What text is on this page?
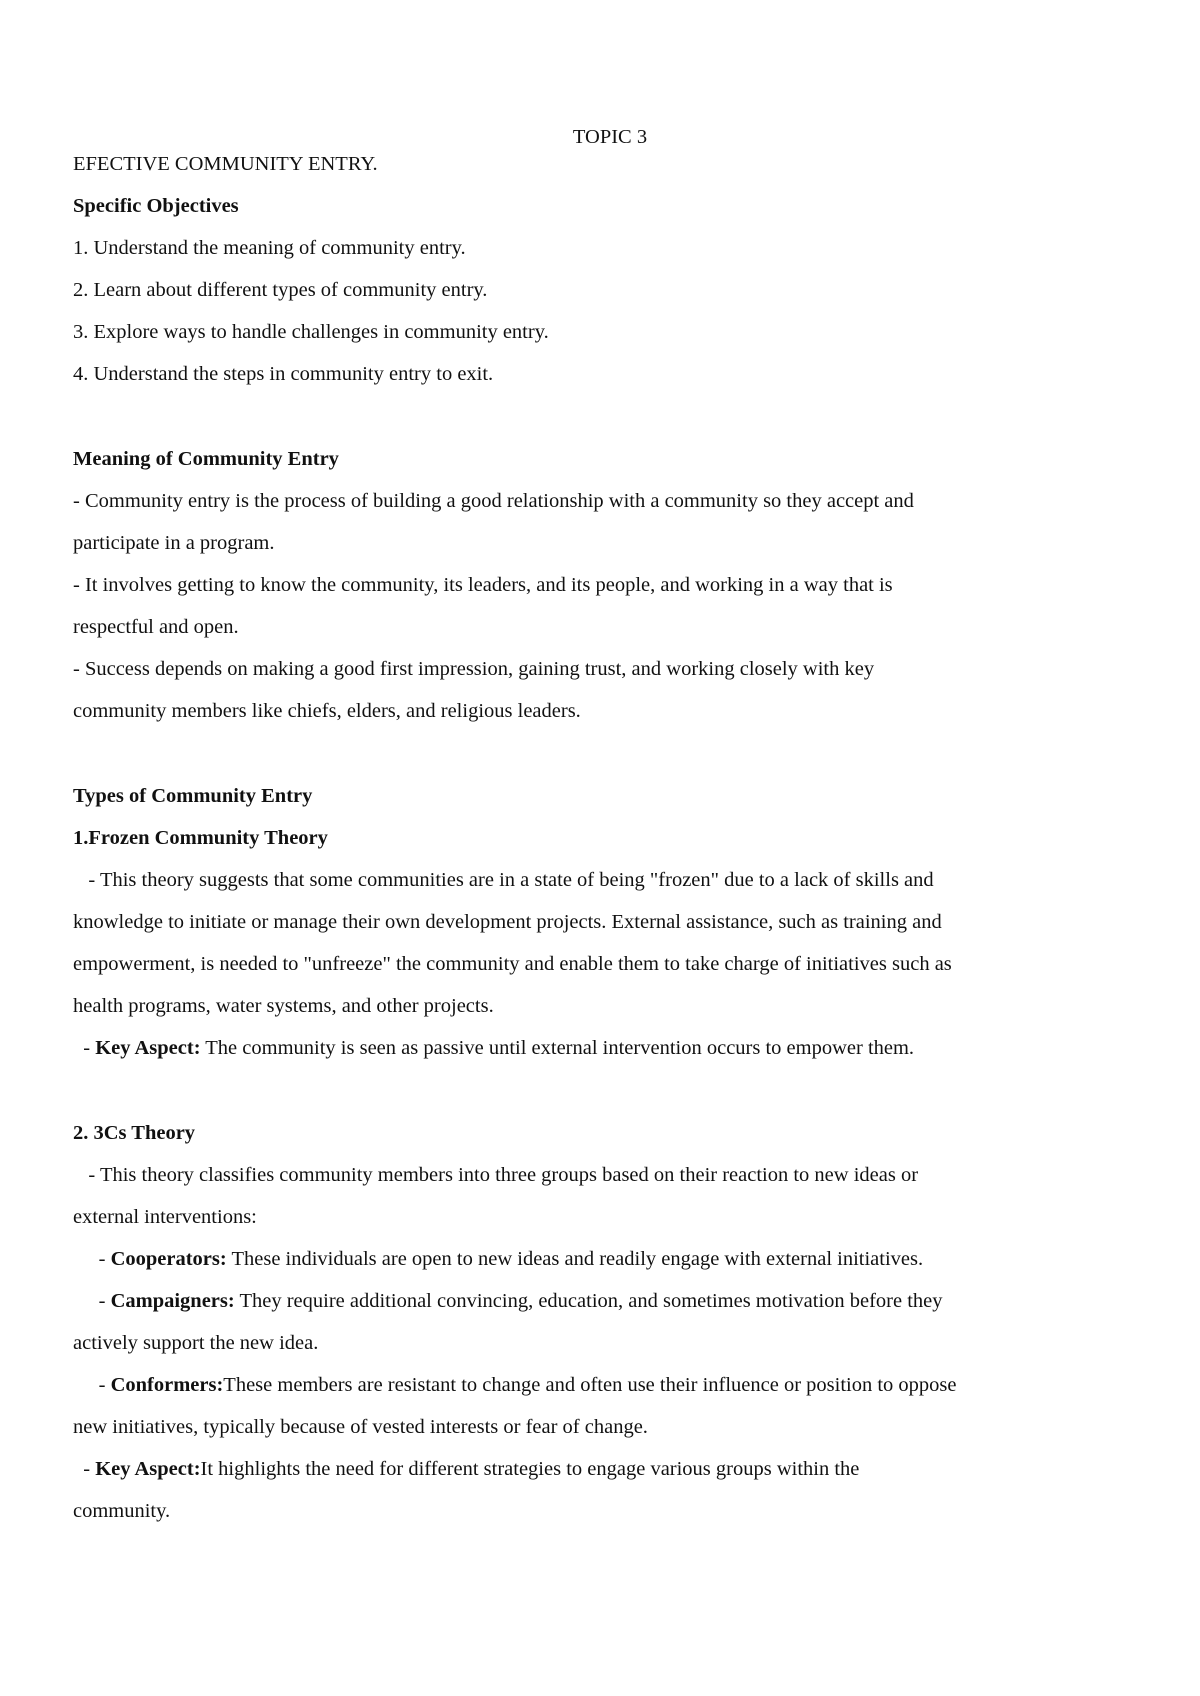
TOPIC 3
EFECTIVE COMMUNITY ENTRY.
Specific Objectives
1. Understand the meaning of community entry.
2. Learn about different types of community entry.
3. Explore ways to handle challenges in community entry.
4. Understand the steps in community entry to exit.
Meaning of Community Entry
- Community entry is the process of building a good relationship with a community so they accept and
participate in a program.
- It involves getting to know the community, its leaders, and its people, and working in a way that is
respectful and open.
- Success depends on making a good first impression, gaining trust, and working closely with key
community members like chiefs, elders, and religious leaders.
Types of Community Entry
1.Frozen Community Theory
- This theory suggests that some communities are in a state of being "frozen" due to a lack of skills and
knowledge to initiate or manage their own development projects. External assistance, such as training and
empowerment, is needed to "unfreeze" the community and enable them to take charge of initiatives such as
health programs, water systems, and other projects.
- Key Aspect: The community is seen as passive until external intervention occurs to empower them.
2. 3Cs Theory
- This theory classifies community members into three groups based on their reaction to new ideas or
external interventions:
- Cooperators: These individuals are open to new ideas and readily engage with external initiatives.
- Campaigners: They require additional convincing, education, and sometimes motivation before they
actively support the new idea.
- Conformers:These members are resistant to change and often use their influence or position to oppose
new initiatives, typically because of vested interests or fear of change.
- Key Aspect:It highlights the need for different strategies to engage various groups within the
community.
